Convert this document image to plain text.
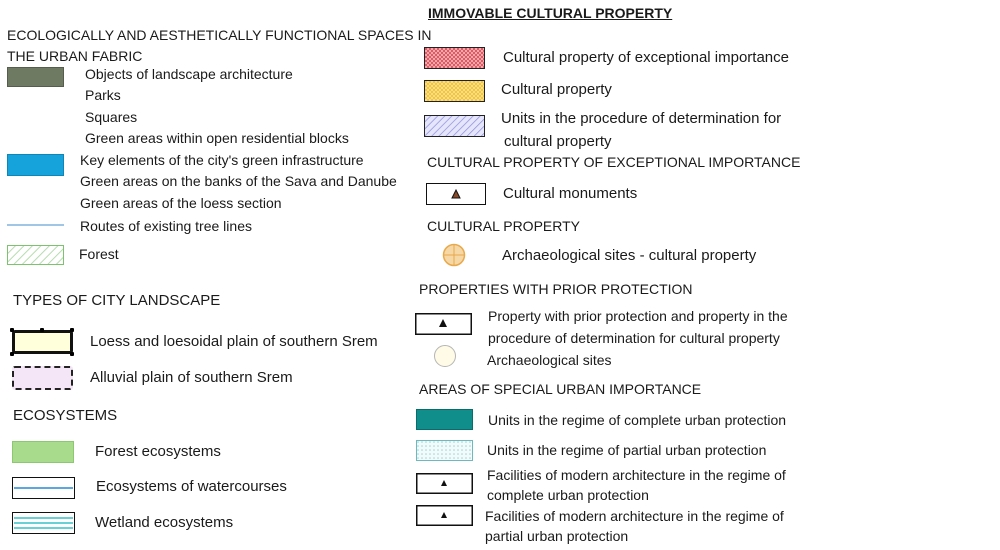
ECOLOGICALLY AND AESTHETICALLY FUNCTIONAL SPACES IN
THE URBAN FABRIC
Objects of landscape architecture
Parks
Squares
Green areas within open residential blocks
Key elements of the city's green infrastructure
Green areas on the banks of the Sava and Danube
Green areas of the loess section
Routes of existing tree lines
Forest
TYPES OF CITY LANDSCAPE
Loess and loesoidal plain of southern Srem
Alluvial plain of southern Srem
ECOSYSTEMS
Forest ecosystems
Ecosystems of watercourses
Wetland ecosystems
IMMOVABLE CULTURAL PROPERTY
Cultural property of exceptional importance
Cultural property
Units in the procedure of determination for
cultural property
CULTURAL PROPERTY OF EXCEPTIONAL IMPORTANCE
Cultural monuments
CULTURAL PROPERTY
Archaeological sites - cultural property
PROPERTIES WITH PRIOR PROTECTION
Property with prior protection and property in the
procedure of determination for cultural property
Archaeological sites
AREAS OF SPECIAL URBAN IMPORTANCE
Units in the regime of complete urban protection
Units in the regime of partial urban protection
Facilities of modern architecture in the regime of
complete urban protection
Facilities of modern architecture in the regime of
partial urban protection
